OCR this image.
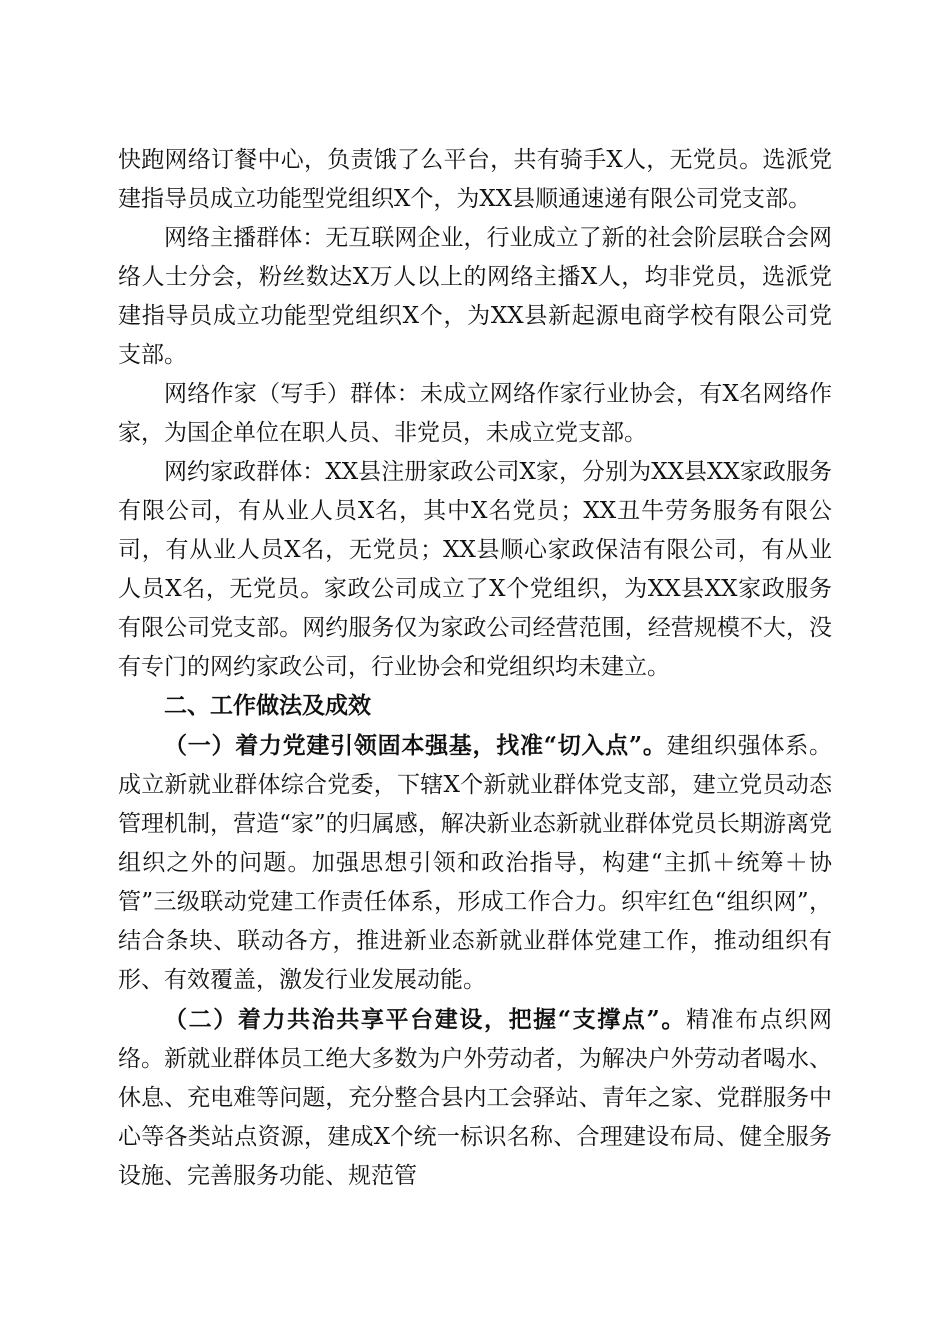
快跑网络订餐中心，负责饿了么平台，共有骑手X人，无党员。选派党建指导员成立功能型党组织X个，为XX县顺通速递有限公司党支部。

网络主播群体：无互联网企业，行业成立了新的社会阶层联合会网络人士分会，粉丝数达X万人以上的网络主播X人，均非党员，选派党建指导员成立功能型党组织X个，为XX县新起源电商学校有限公司党支部。

网络作家（写手）群体：未成立网络作家行业协会，有X名网络作家，为国企单位在职人员、非党员，未成立党支部。

网约家政群体：XX县注册家政公司X家，分别为XX县XX家政服务有限公司，有从业人员X名，其中X名党员；XX丑牛劳务服务有限公司，有从业人员X名，无党员；XX县顺心家政保洁有限公司，有从业人员X名，无党员。家政公司成立了X个党组织，为XX县XX家政服务有限公司党支部。网约服务仅为家政公司经营范围，经营规模不大，没有专门的网约家政公司，行业协会和党组织均未建立。

二、工作做法及成效

（一）着力党建引领固本强基，找准“切入点”。建组织强体系。成立新就业群体综合党委，下辖X个新就业群体党支部，建立党员动态管理机制，营造“家”的归属感，解决新业态新就业群体党员长期游离党组织之外的问题。加强思想引领和政治指导，构建“主抓＋统筹＋协管”三级联动党建工作责任体系，形成工作合力。织牢红色“组织网”，结合条块、联动各方，推进新业态新就业群体党建工作，推动组织有形、有效覆盖，激发行业发展动能。

（二）着力共治共享平台建设，把握“支撑点”。精准布点织网络。新就业群体员工绝大多数为户外劳动者，为解决户外劳动者喝水、休息、充电难等问题，充分整合县内工会驿站、青年之家、党群服务中心等各类站点资源，建成X个统一标识名称、合理建设布局、健全服务设施、完善服务功能、规范管
